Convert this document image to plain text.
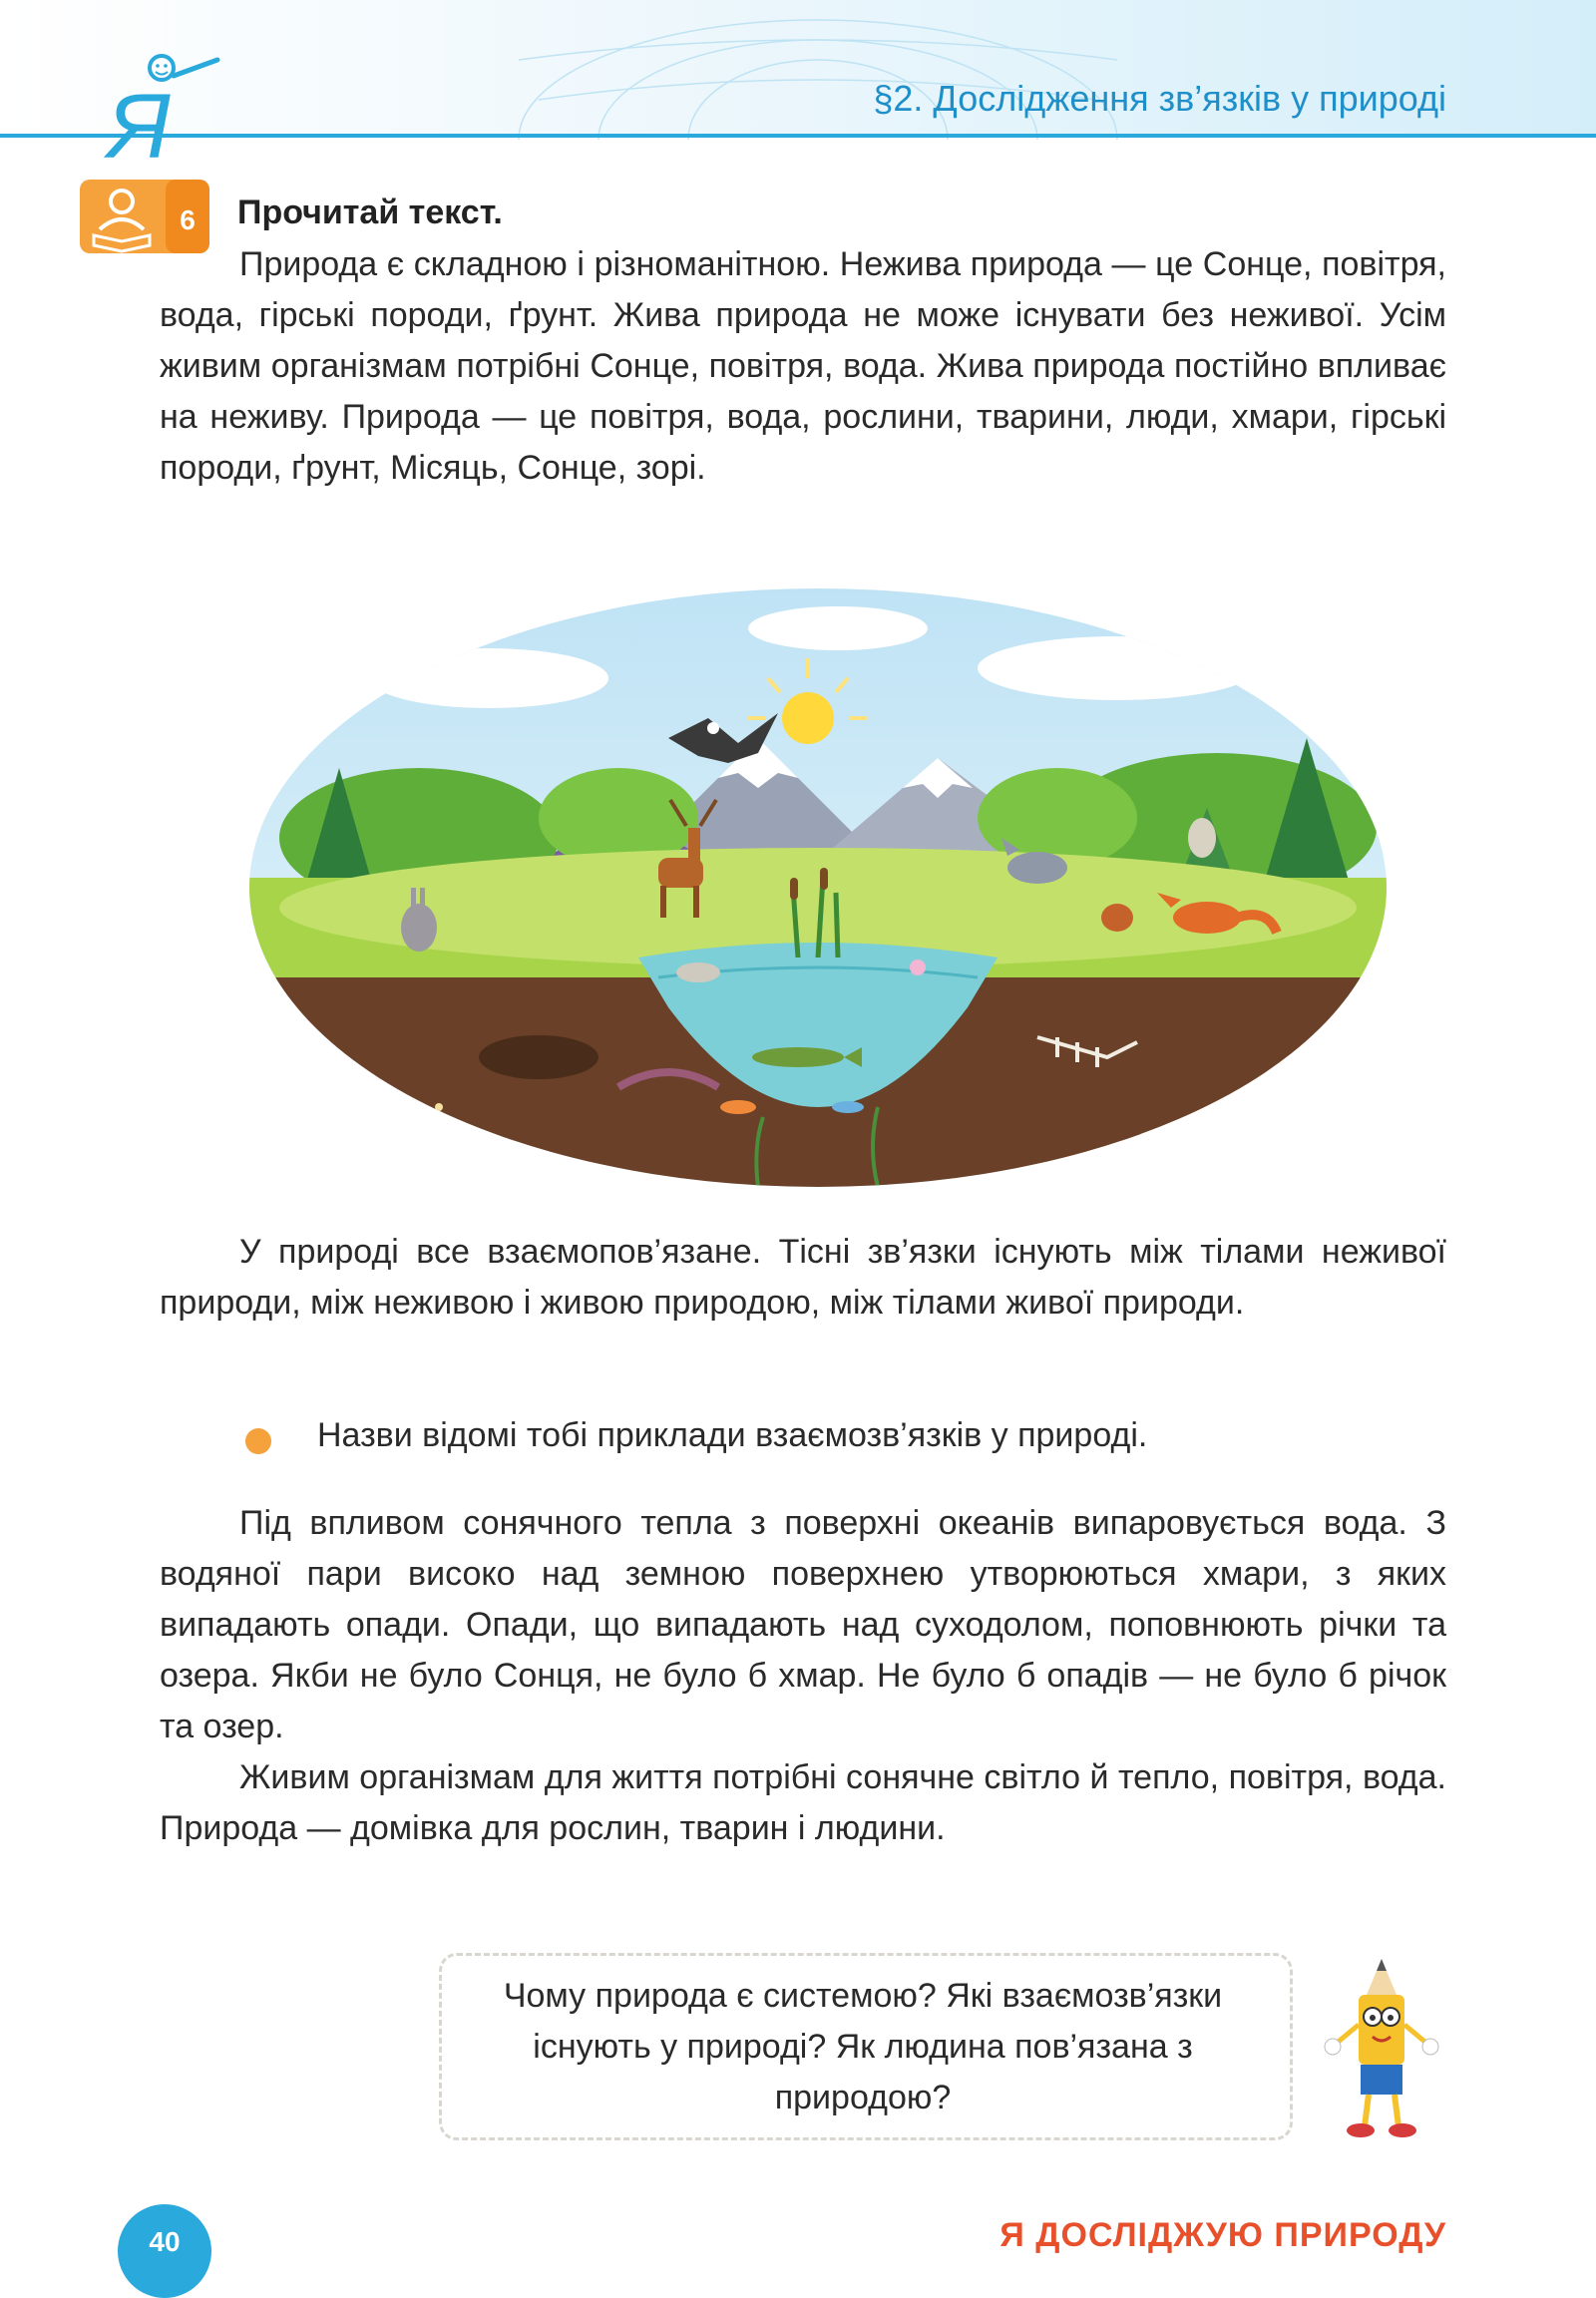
Я	§2. Дослідження зв’язків у природі
6 Прочитай текст.
Природа є складною і різноманітною. Нежива природа — це Сонце, повітря, вода, гірські породи, ґрунт. Жива природа не може існувати без неживої. Усім живим організмам потрібні Сонце, повітря, вода. Жива природа постійно впливає на неживу. Природа — це повітря, вода, рослини, тварини, люди, хмари, гірські породи, ґрунт, Місяць, Сонце, зорі.
У природі все взаємопов’язане. Тісні зв’язки існують між тілами неживої природи, між неживою і живою природою, між тілами живої природи.
Назви відомі тобі приклади взаємозв’язків у природі.
Під впливом сонячного тепла з поверхні океанів випаровується вода. З водяної пари високо над земною поверхнею утворюються хмари, з яких випадають опади. Опади, що випадають над суходолом, поповнюють річки та озера. Якби не було Сонця, не було б хмар. Не було б опадів — не було б річок та озер.
Живим організмам для життя потрібні сонячне світло й тепло, повітря, вода. Природа — домівка для рослин, тварин і людини.
Чому природа є системою? Які взаємозв’язки існують у природі? Як людина пов’язана з природою?
40	Я ДОСЛІДЖУЮ ПРИРОДУ
